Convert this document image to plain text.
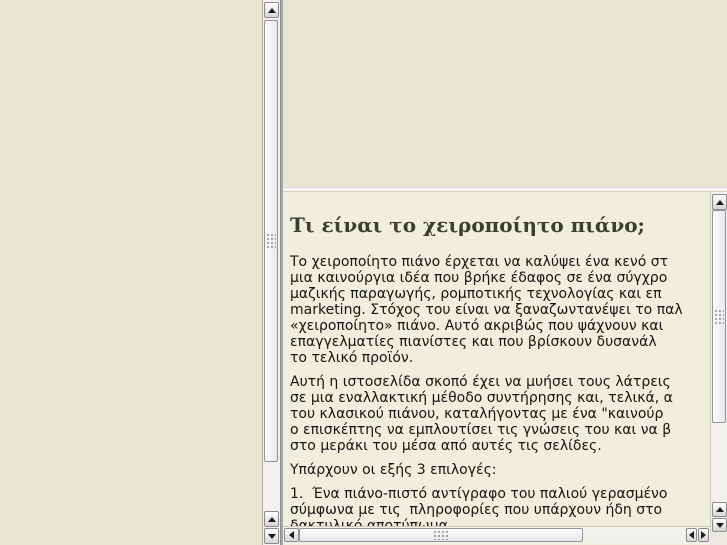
Τι είναι το χειροποίητο πιάνο;
Το χειροποίητο πιάνο έρχεται να καλύψει ένα κενό στ
μια καινούργια ιδέα που βρήκε έδαφος σε ένα σύγχρο
μαζικής παραγωγής, ρομποτικής τεχνολογίας και επ
marketing. Στόχος του είναι να ξαναζωντανέψει το παλ
«χειροποίητο» πιάνο. Αυτό ακριβώς που ψάχνουν και
επαγγελματίες πιανίστες και που βρίσκουν δυσανάλ
το τελικό προϊόν.
Αυτή η ιστοσελίδα σκοπό έχει να μυήσει τους λάτρεις
σε μια εναλλακτική μέθοδο συντήρησης και, τελικά, α
του κλασικού πιάνου, καταλήγοντας με ένα "καινούρ
ο επισκέπτης να εμπλουτίσει τις γνώσεις του και να β
στο μεράκι του μέσα από αυτές τις σελίδες.
Υπάρχουν οι εξής 3 επιλογές:
1.  Ένα πιάνο-πιστό αντίγραφο του παλιού γερασμένο
σύμφωνα με τις  πληροφορίες που υπάρχουν ήδη στο
